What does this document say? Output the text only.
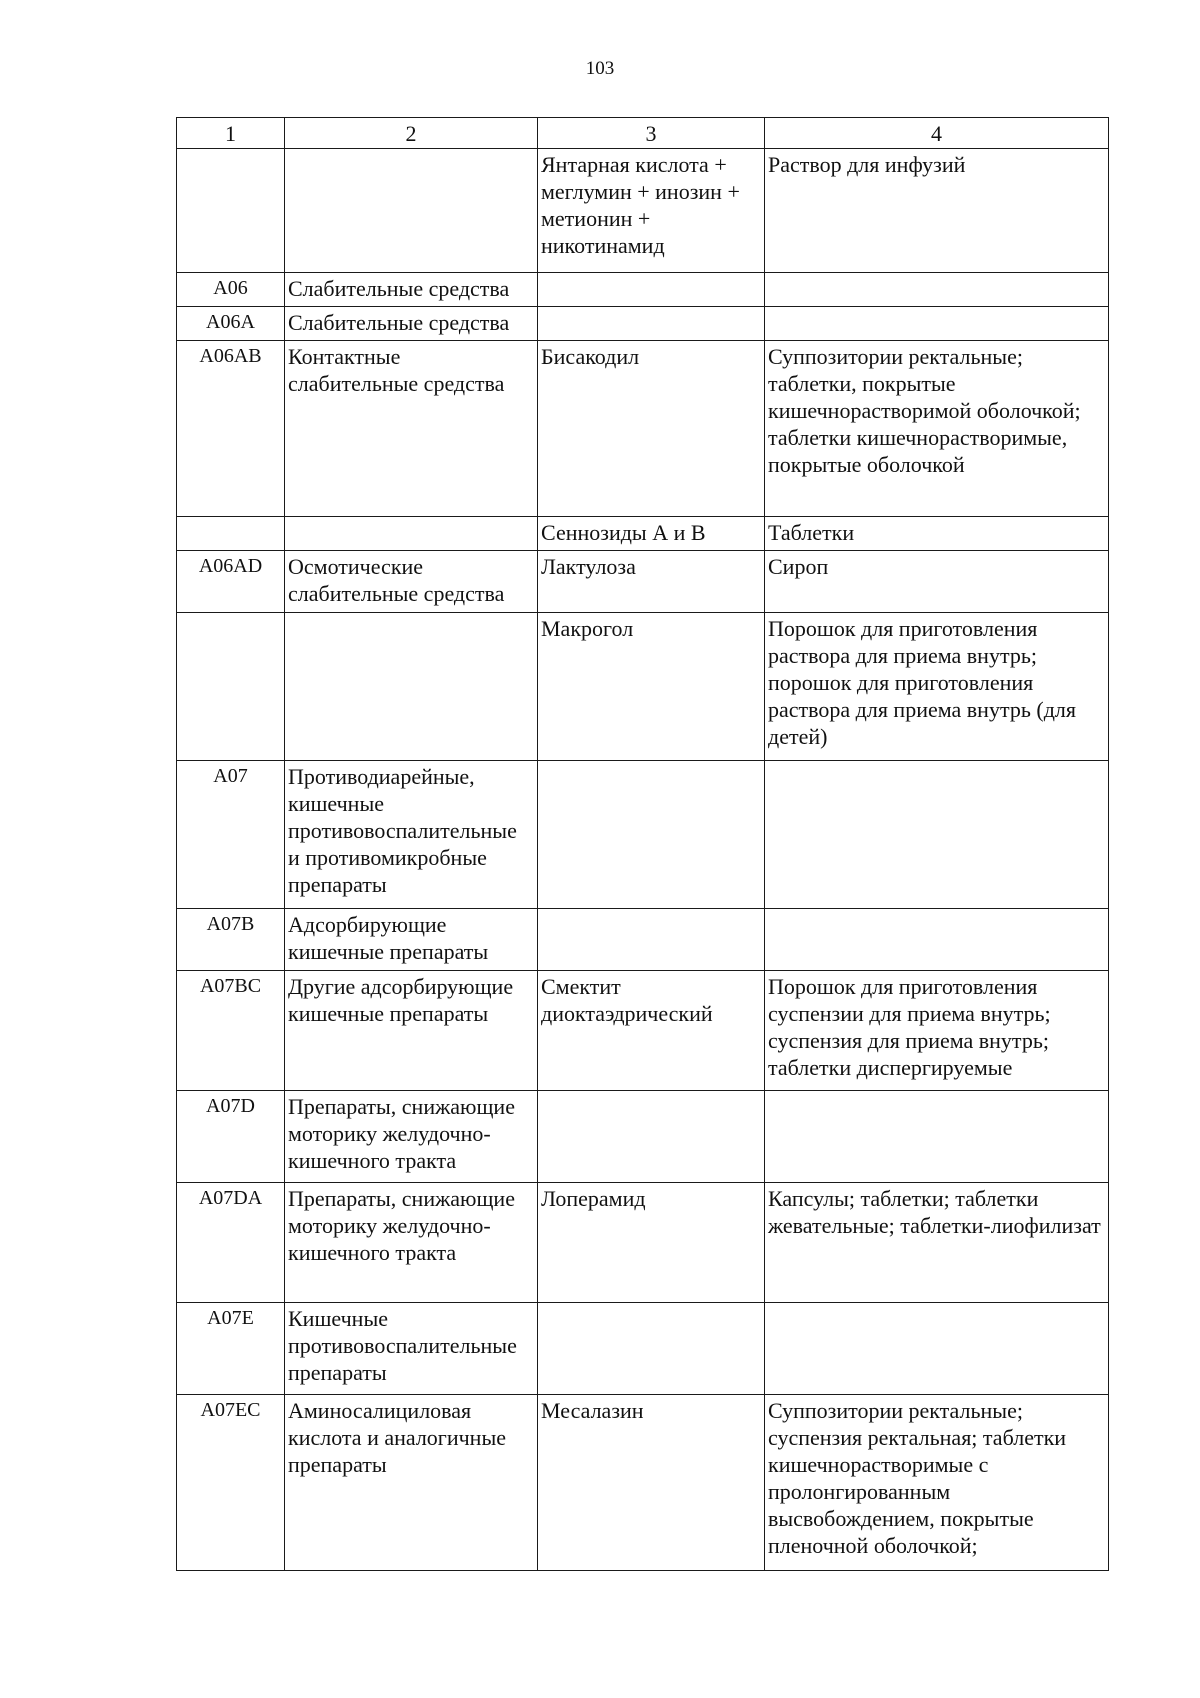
103
1	2	3	4
		Янтарная кислота + меглумин + инозин + метионин + никотинамид	Раствор для инфузий
А06	Слабительные средства		
А06А	Слабительные средства		
А06АВ	Контактные слабительные средства	Бисакодил	Суппозитории ректальные; таблетки, покрытые кишечнорастворимой оболочкой; таблетки кишечнорастворимые, покрытые оболочкой
		Сеннозиды А и В	Таблетки
А06АD	Осмотические слабительные средства	Лактулоза	Сироп
		Макрогол	Порошок для приготовления раствора для приема внутрь; порошок для приготовления раствора для приема внутрь (для детей)
А07	Противодиарейные, кишечные противовоспалительные и противомикробные препараты		
А07В	Адсорбирующие кишечные препараты		
А07ВС	Другие адсорбирующие кишечные препараты	Смектит диоктаэдрический	Порошок для приготовления суспензии для приема внутрь; суспензия для приема внутрь; таблетки диспергируемые
А07D	Препараты, снижающие моторику желудочно-кишечного тракта		
А07DА	Препараты, снижающие моторику желудочно-кишечного тракта	Лоперамид	Капсулы; таблетки; таблетки жевательные; таблетки-лиофилизат
А07Е	Кишечные противовоспалительные препараты		
А07ЕС	Аминосалициловая кислота и аналогичные препараты	Месалазин	Суппозитории ректальные; суспензия ректальная; таблетки кишечнорастворимые с пролонгированным высвобождением, покрытые пленочной оболочкой;
